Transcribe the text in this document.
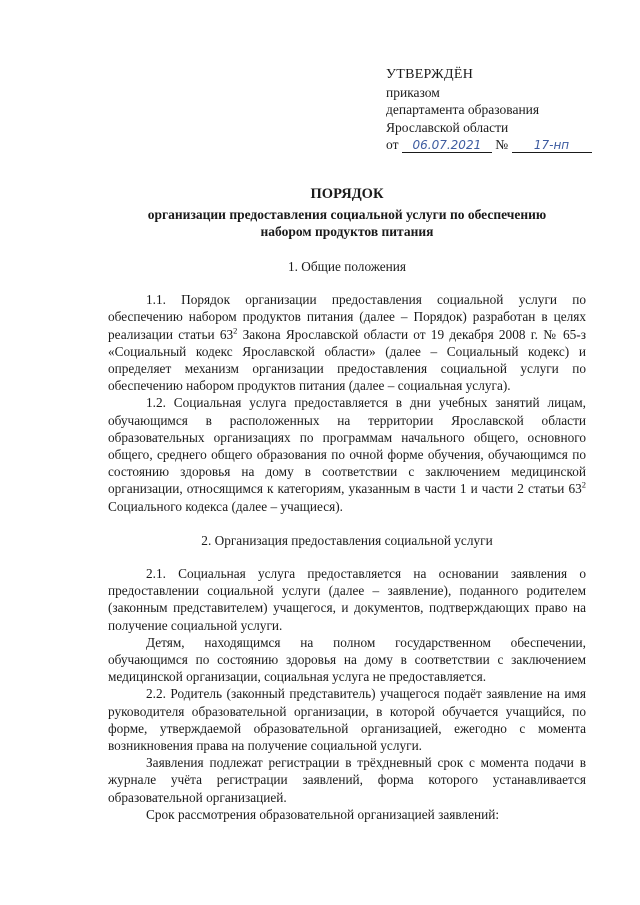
УТВЕРЖДЁН
приказом
департамента образования
Ярославской области
от 06.07.2021 № 17-нп
ПОРЯДОК
организации предоставления социальной услуги по обеспечению
набором продуктов питания
1. Общие положения

1.1. Порядок организации предоставления социальной услуги по обеспечению набором продуктов питания (далее – Порядок) разработан в целях реализации статьи $63^2$ Закона Ярославской области от 19 декабря 2008 г. № 65-з «Социальный кодекс Ярославской области» (далее – Социальный кодекс) и определяет механизм организации предоставления социальной услуги по обеспечению набором продуктов питания (далее – социальная услуга).

1.2. Социальная услуга предоставляется в дни учебных занятий лицам, обучающимся в расположенных на территории Ярославской области образовательных организациях по программам начального общего, основного общего, среднего общего образования по очной форме обучения, обучающимся по состоянию здоровья на дому в соответствии с заключением медицинской организации, относящимся к категориям, указанным в части 1 и части 2 статьи $63^2$ Социального кодекса (далее – учащиеся).

2. Организация предоставления социальной услуги

2.1. Социальная услуга предоставляется на основании заявления о предоставлении социальной услуги (далее – заявление), поданного родителем (законным представителем) учащегося, и документов, подтверждающих право на получение социальной услуги.

Детям, находящимся на полном государственном обеспечении, обучающимся по состоянию здоровья на дому в соответствии с заключением медицинской организации, социальная услуга не предоставляется.

2.2. Родитель (законный представитель) учащегося подаёт заявление на имя руководителя образовательной организации, в которой обучается учащийся, по форме, утверждаемой образовательной организацией, ежегодно с момента возникновения права на получение социальной услуги.

Заявления подлежат регистрации в трёхдневный срок с момента подачи в журнале учёта регистрации заявлений, форма которого устанавливается образовательной организацией.

Срок рассмотрения образовательной организацией заявлений:
